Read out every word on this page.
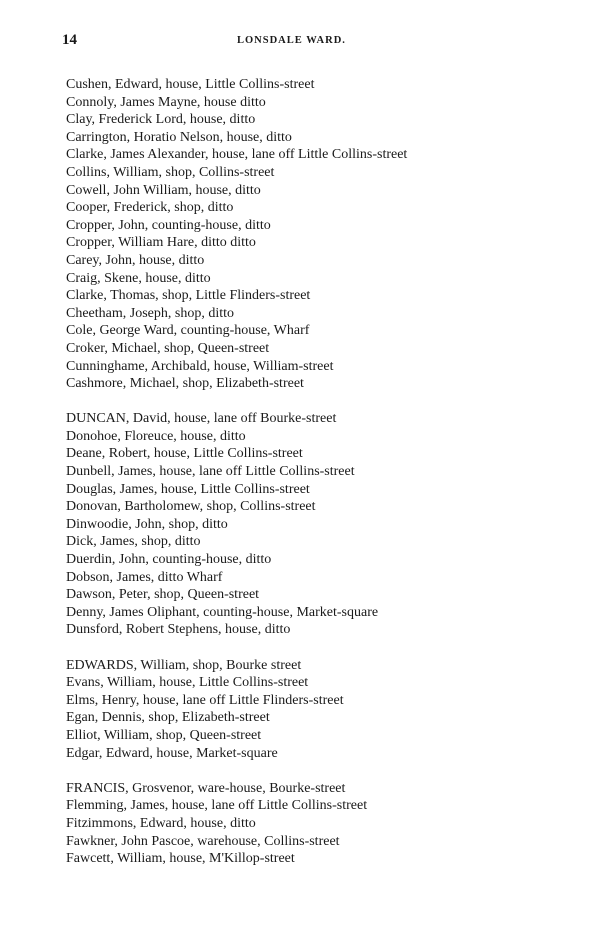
14	LONSDALE WARD.
Cushen, Edward, house, Little Collins-street
Connoly, James Mayne, house ditto
Clay, Frederick Lord, house, ditto
Carrington, Horatio Nelson, house, ditto
Clarke, James Alexander, house, lane off Little Collins-street
Collins, William, shop, Collins-street
Cowell, John William, house, ditto
Cooper, Frederick, shop, ditto
Cropper, John, counting-house, ditto
Cropper, William Hare, ditto ditto
Carey, John, house, ditto
Craig, Skene, house, ditto
Clarke, Thomas, shop, Little Flinders-street
Cheetham, Joseph, shop, ditto
Cole, George Ward, counting-house, Wharf
Croker, Michael, shop, Queen-street
Cunninghame, Archibald, house, William-street
Cashmore, Michael, shop, Elizabeth-street
DUNCAN, David, house, lane off Bourke-street
Donohoe, Floreuce, house, ditto
Deane, Robert, house, Little Collins-street
Dunbell, James, house, lane off Little Collins-street
Douglas, James, house, Little Collins-street
Donovan, Bartholomew, shop, Collins-street
Dinwoodie, John, shop, ditto
Dick, James, shop, ditto
Duerdin, John, counting-house, ditto
Dobson, James, ditto Wharf
Dawson, Peter, shop, Queen-street
Denny, James Oliphant, counting-house, Market-square
Dunsford, Robert Stephens, house, ditto
EDWARDS, William, shop, Bourke street
Evans, William, house, Little Collins-street
Elms, Henry, house, lane off Little Flinders-street
Egan, Dennis, shop, Elizabeth-street
Elliot, William, shop, Queen-street
Edgar, Edward, house, Market-square
FRANCIS, Grosvenor, ware-house, Bourke-street
Flemming, James, house, lane off Little Collins-street
Fitzimmons, Edward, house, ditto
Fawkner, John Pascoe, warehouse, Collins-street
Fawcett, William, house, M'Killop-street
